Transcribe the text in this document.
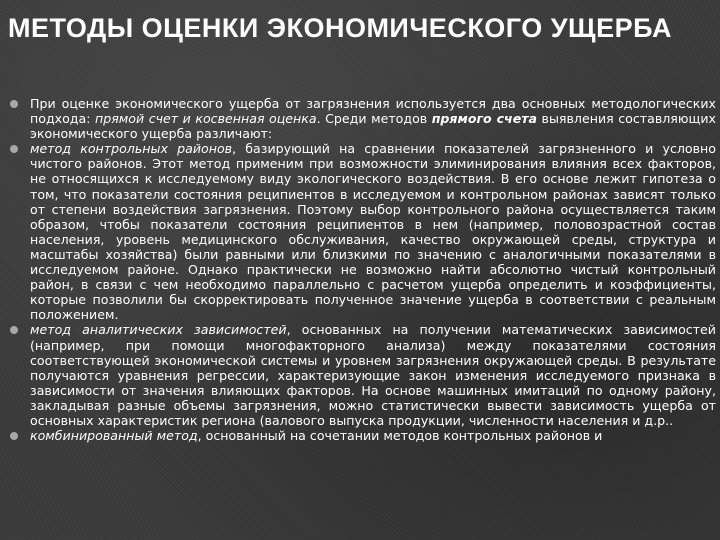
МЕТОДЫ ОЦЕНКИ ЭКОНОМИЧЕСКОГО УЩЕРБА
При оценке экономического ущерба от загрязнения используется два основных методологических подхода: прямой счет и косвенная оценка. Среди методов прямого счета выявления составляющих экономического ущерба различают:
метод контрольных районов, базирующий на сравнении показателей загрязненного и условно чистого районов. Этот метод применим при возможности элиминирования влияния всех факторов, не относящихся к исследуемому виду экологического воздействия. В его основе лежит гипотеза о том, что показатели состояния реципиентов в исследуемом и контрольном районах зависят только от степени воздействия загрязнения. Поэтому выбор контрольного района осуществляется таким образом, чтобы показатели состояния реципиентов в нем (например, половозрастной состав населения, уровень медицинского обслуживания, качество окружающей среды, структура и масштабы хозяйства) были равными или близкими по значению с аналогичными показателями в исследуемом районе. Однако практически не возможно найти абсолютно чистый контрольный район, в связи с чем необходимо параллельно с расчетом ущерба определить и коэффициенты, которые позволили бы скорректировать полученное значение ущерба в соответствии с реальным положением.
метод аналитических зависимостей, основанных на получении математических зависимостей (например, при помощи многофакторного анализа) между показателями состояния соответствующей экономической системы и уровнем загрязнения окружающей среды. В результате получаются уравнения регрессии, характеризующие закон изменения исследуемого признака в зависимости от значения влияющих факторов. На основе машинных имитаций по одному району, закладывая разные объемы загрязнения, можно статистически вывести зависимость ущерба от основных характеристик региона (валового выпуска продукции, численности населения и д.р..
комбинированный метод, основанный на сочетании методов контрольных районов и
